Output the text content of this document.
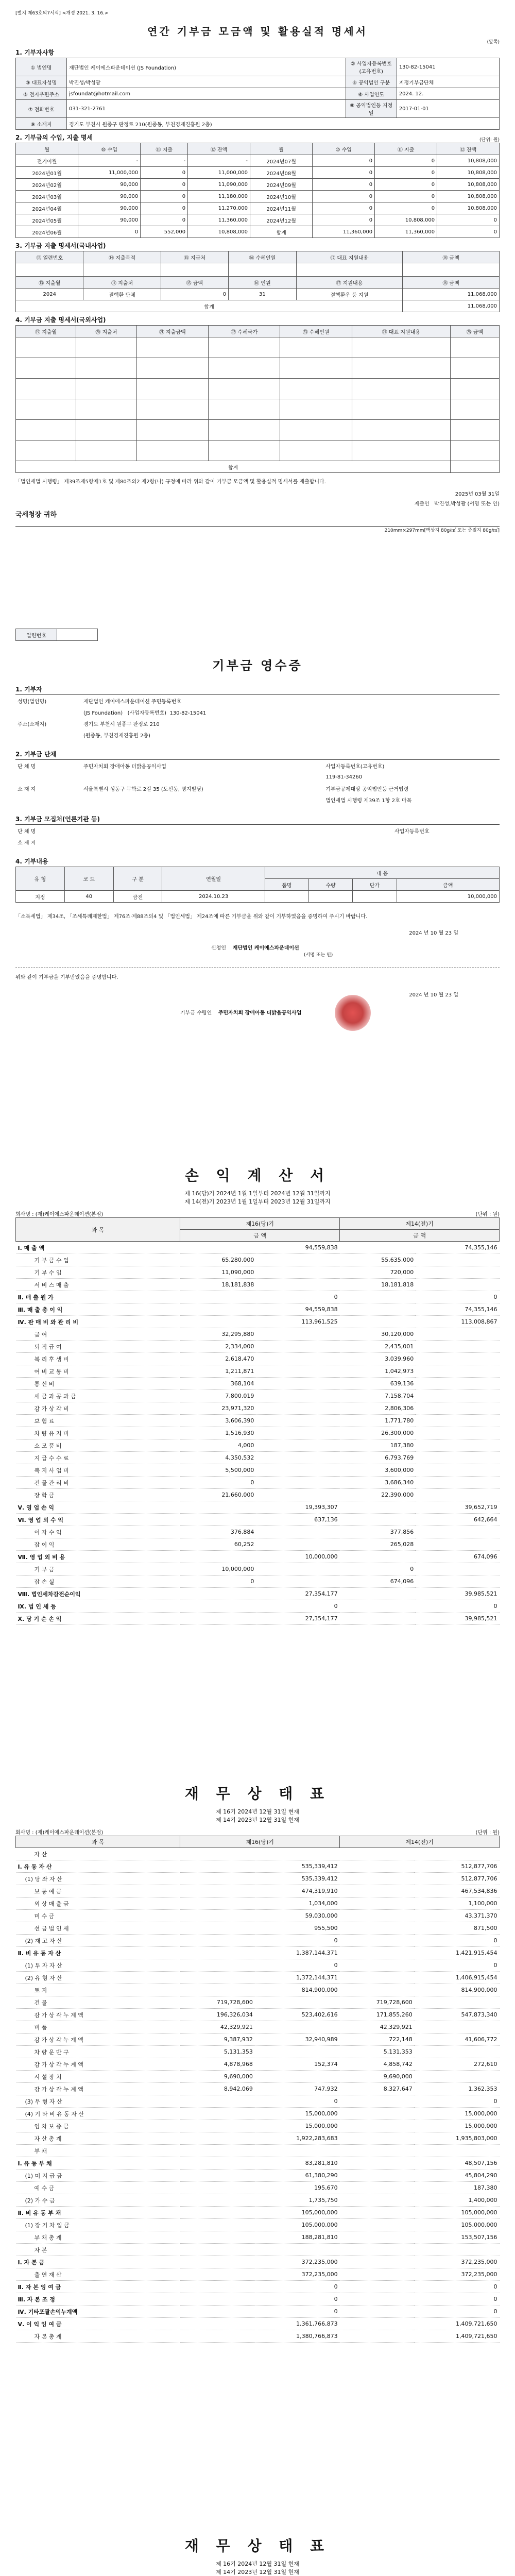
[별지 제63호의7서식] <개정 2021. 3. 16.>
연간 기부금 모금액 및 활용실적 명세서
(앞쪽)
1. 기부자사항
① 법인명	재단법인 케이에스파운데이션 (JS Foundation)	② 사업자등록번호(고유번호)	130-82-15041
③ 대표자성명	박진성/박성광	④ 공익법인 구분	지정기부금단체
⑤ 전자우편주소	jsfoundat@hotmail.com	⑥ 사업연도	2024. 12.
⑦ 전화번호	031-321-2761	⑧ 공익법인등 지정일	2017-01-01
⑨ 소재지	경기도 부천시 원종구 판정로 210(원종동, 부천경제진흥원 2층)		
2. 기부금의 수입, 지출 명세	(단위: 원)
월	⑩ 수입	⑪ 지출	⑫ 잔액	월	⑩ 수입	⑪ 지출	⑫ 잔액
전기이월	-	-	-	2024년07월	0	0	10,808,000
2024년01월	11,000,000	0	11,000,000	2024년08월	0	0	10,808,000
2024년02월	90,000	0	11,090,000	2024년09월	0	0	10,808,000
2024년03월	90,000	0	11,180,000	2024년10월	0	0	10,808,000
2024년04월	90,000	0	11,270,000	2024년11월	0	0	10,808,000
2024년05월	90,000	0	11,360,000	2024년12월	0	10,808,000	0
2024년06월	0	552,000	10,808,000	합계	11,360,000	11,360,000	0
3. 기부금 지출 명세서(국내사업)
⑬ 일련번호	⑭ 지출목적	⑮ 지급처	⑯ 수혜인원	⑰ 대표 지원내용	⑱ 금액

⑬ 지출월	⑭ 지출처	⑮ 금액	⑯ 인원	⑰ 지원내용	⑱ 금액
2024	결핵환 단체	0	31	결핵환우 등 지원	11,068,000
합계					11,068,000
4. 기부금 지출 명세서(국외사업)
⑲ 지출월	⑳ 지출처	㉑ 지출금액	㉒ 수혜국가	㉓ 수혜인원	㉔ 대표 지원내용	㉕ 금액

합계						
「법인세법 시행령」 제39조제5항제1호 및 제80조의2 제2항(나) 규정에 따라 위와 같이 기부금 모금액 및 활용실적 명세서를 제출합니다.
2025년 03월 31일
제출인 박진성,박성광 (서명 또는 인)
국세청장 귀하
210mm×297mm[백상지 80g/㎡ 또는 중질지 80g/㎡]
일련번호	
기부금 영수증
1. 기부자
성명(법인명)	재단법인 케이에스파운데이션 주민등록번호
	(JS Foundation) (사업자등록번호) 130-82-15041
주소(소재지)	경기도 부천시 원종구 판정로 210
	(원종동, 부천경제진흥원 2층)
2. 기부금 단체
단 체 명	주민자치회 장애아동 더밝음공익사업	사업자등록번호(고유번호)
		119-81-34260
소 재 지	서울특별시 성동구 무학로 2길 35 (도선동, 명지빌딩)	기부금공제대상 공익법인등 근거법령
		법인세법 시행령 제39조 1항 2호 마목
3. 기부금 모집처(언론기관 등)
단 체 명		사업자등록번호
소 재 지		
4. 기부내용
유 형	코 드	구 분	연월일	내 용			
				품명	수량	단가	금액
지정	40	금전	2024.10.23				10,000,000
「소득세법」 제34조, 「조세특례제한법」 제76조·제88조의4 및 「법인세법」 제24조에 따른 기부금을 위와 같이 기부하였음을 증명하여 주시기 바랍니다.
2024 년 10 월 23 일
신청인 재단법인 케이에스파운데이션
(서명 또는 인)
위와 같이 기부금을 기부받았음을 증명합니다.
2024 년 10 월 23 일
기부금 수령인 주민자치회 장애아동 더밝음공익사업
손 익 계 산 서
제 16(당)기 2024년 1월 1일부터 2024년 12월 31일까지
제 14(전)기 2023년 1월 1일부터 2023년 12월 31일까지
회사명 : (재)케이에스파운데이션(본점)	(단위 : 원)
과 목	제16(당)기		제14(전)기	
	금 액		금 액	
Ⅰ. 매 출 액		94,559,838		74,355,146
기 부 금 수 입	65,280,000		55,635,000	
기 부 수 입	11,090,000		720,000	
서 비 스 매 출	18,181,838		18,181,818	
Ⅱ. 매 출 원 가		0		0
Ⅲ. 매 출 총 이 익		94,559,838		74,355,146
Ⅳ. 판 매 비 와 관 리 비		113,961,525		113,008,867
급 여	32,295,880		30,120,000	
퇴 직 급 여	2,334,000		2,435,001	
복 리 후 생 비	2,618,470		3,039,960	
여 비 교 통 비	1,211,871		1,042,973	
통 신 비	368,104		639,136	
세 금 과 공 과 금	7,800,019		7,158,704	
감 가 상 각 비	23,971,320		2,806,306	
보 험 료	3,606,390		1,771,780	
차 량 유 지 비	1,516,930		26,300,000	
소 모 품 비	4,000		187,380	
지 급 수 수 료	4,350,532		6,793,769	
복 지 사 업 비	5,500,000		3,600,000	
건 물 관 리 비	0		3,686,340	
장 학 금	21,660,000		22,390,000	
Ⅴ. 영 업 손 익		19,393,307		39,652,719
Ⅵ. 영 업 외 수 익		637,136		642,664
이 자 수 익	376,884		377,856	
잡 이 익	60,252		265,028	
Ⅶ. 영 업 외 비 용		10,000,000		674,096
기 부 금	10,000,000		0	
잡 손 실	0		674,096	
Ⅷ. 법인세차감전순이익		27,354,177		39,985,521
Ⅸ. 법 인 세 등		0		0
Ⅹ. 당 기 순 손 익		27,354,177		39,985,521
재 무 상 태 표
제 16기 2024년 12월 31일 현재
제 14기 2023년 12월 31일 현재
회사명 : (재)케이에스파운데이션(본점)	(단위 : 원)
과 목	제16(당)기		제14(전)기	
자 산				
Ⅰ. 유 동 자 산		535,339,412		512,877,706
(1) 당 좌 자 산		535,339,412		512,877,706
보 통 예 금		474,319,910		467,534,836
외 상 매 출 금		1,034,000		1,100,000
미 수 금		59,030,000		43,371,370
선 급 법 인 세		955,500		871,500
(2) 재 고 자 산		0		0
Ⅱ. 비 유 동 자 산		1,387,144,371		1,421,915,454
(1) 투 자 자 산		0		0
(2) 유 형 자 산		1,372,144,371		1,406,915,454
토 지		814,900,000		814,900,000
건 물	719,728,600		719,728,600	
감 가 상 각 누 계 액	196,326,034	523,402,616	171,855,260	547,873,340
비 품	42,329,921		42,329,921	
감 가 상 각 누 계 액	9,387,932	32,940,989	722,148	41,606,772
차 량 운 반 구	5,131,353		5,131,353	
감 가 상 각 누 계 액	4,878,968	152,374	4,858,742	272,610
시 설 장 치	9,690,000		9,690,000	
감 가 상 각 누 계 액	8,942,069	747,932	8,327,647	1,362,353
(3) 무 형 자 산		0		0
(4) 기 타 비 유 동 자 산		15,000,000		15,000,000
임 차 보 증 금		15,000,000		15,000,000
자 산 총 계		1,922,283,683		1,935,803,000
부 채				
Ⅰ. 유 동 부 채		83,281,810		48,507,156
(1) 미 지 급 금		61,380,290		45,804,290
예 수 금		195,670		187,380
(2) 가 수 금		1,735,750		1,400,000
Ⅱ. 비 유 동 부 채		105,000,000		105,000,000
(1) 장 기 차 입 금		105,000,000		105,000,000
부 채 총 계		188,281,810		153,507,156
자 본				
Ⅰ. 자 본 금		372,235,000		372,235,000
출 연 재 산		372,235,000		372,235,000
Ⅱ. 자 본 잉 여 금		0		0
Ⅲ. 자 본 조 정		0		0
Ⅳ. 기타포괄손익누계액		0		0
Ⅴ. 이 익 잉 여 금		1,361,766,873		1,409,721,650
자 본 총 계		1,380,766,873		1,409,721,650
재 무 상 태 표
제 16기 2024년 12월 31일 현재
제 14기 2023년 12월 31일 현재
